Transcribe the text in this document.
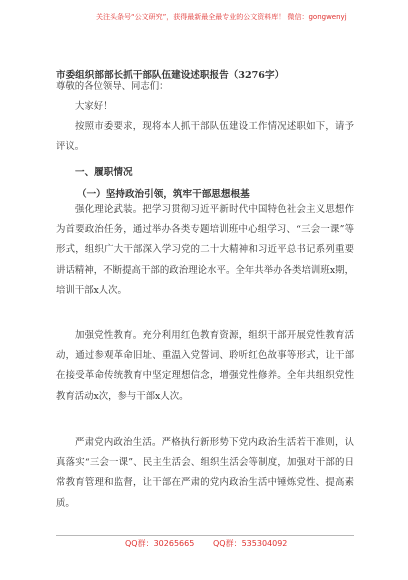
关注头条号“公文研究”，获得最新最全最专业的公文资料库！ 微信：gongwenyj
市委组织部部长抓干部队伍建设述职报告（3276字）

尊敬的各位领导、同志们：

大家好！

按照市委要求，现将本人抓干部队伍建设工作情况述职如下，请予评议。

一、履职情况
（一）坚持政治引领，筑牢干部思想根基

强化理论武装。把学习贯彻习近平新时代中国特色社会主义思想作为首要政治任务，通过举办各类专题培训班中心组学习、“三会一课”等形式，组织广大干部深入学习党的二十大精神和习近平总书记系列重要讲话精神，不断提高干部的政治理论水平。全年共举办各类培训班x期，培训干部x人次。

加强党性教育。充分利用红色教育资源，组织干部开展党性教育活动，通过参观革命旧址、重温入党誓词、聆听红色故事等形式，让干部在接受革命传统教育中坚定理想信念，增强党性修养。全年共组织党性教育活动x次，参与干部x人次。

严肃党内政治生活。严格执行新形势下党内政治生活若干准则，认真落实“三会一课”、民主生活会、组织生活会等制度，加强对干部的日常教育管理和监督，让干部在严肃的党内政治生活中锤炼党性、提高素质。

QQ群：30265665 QQ群：535304092
